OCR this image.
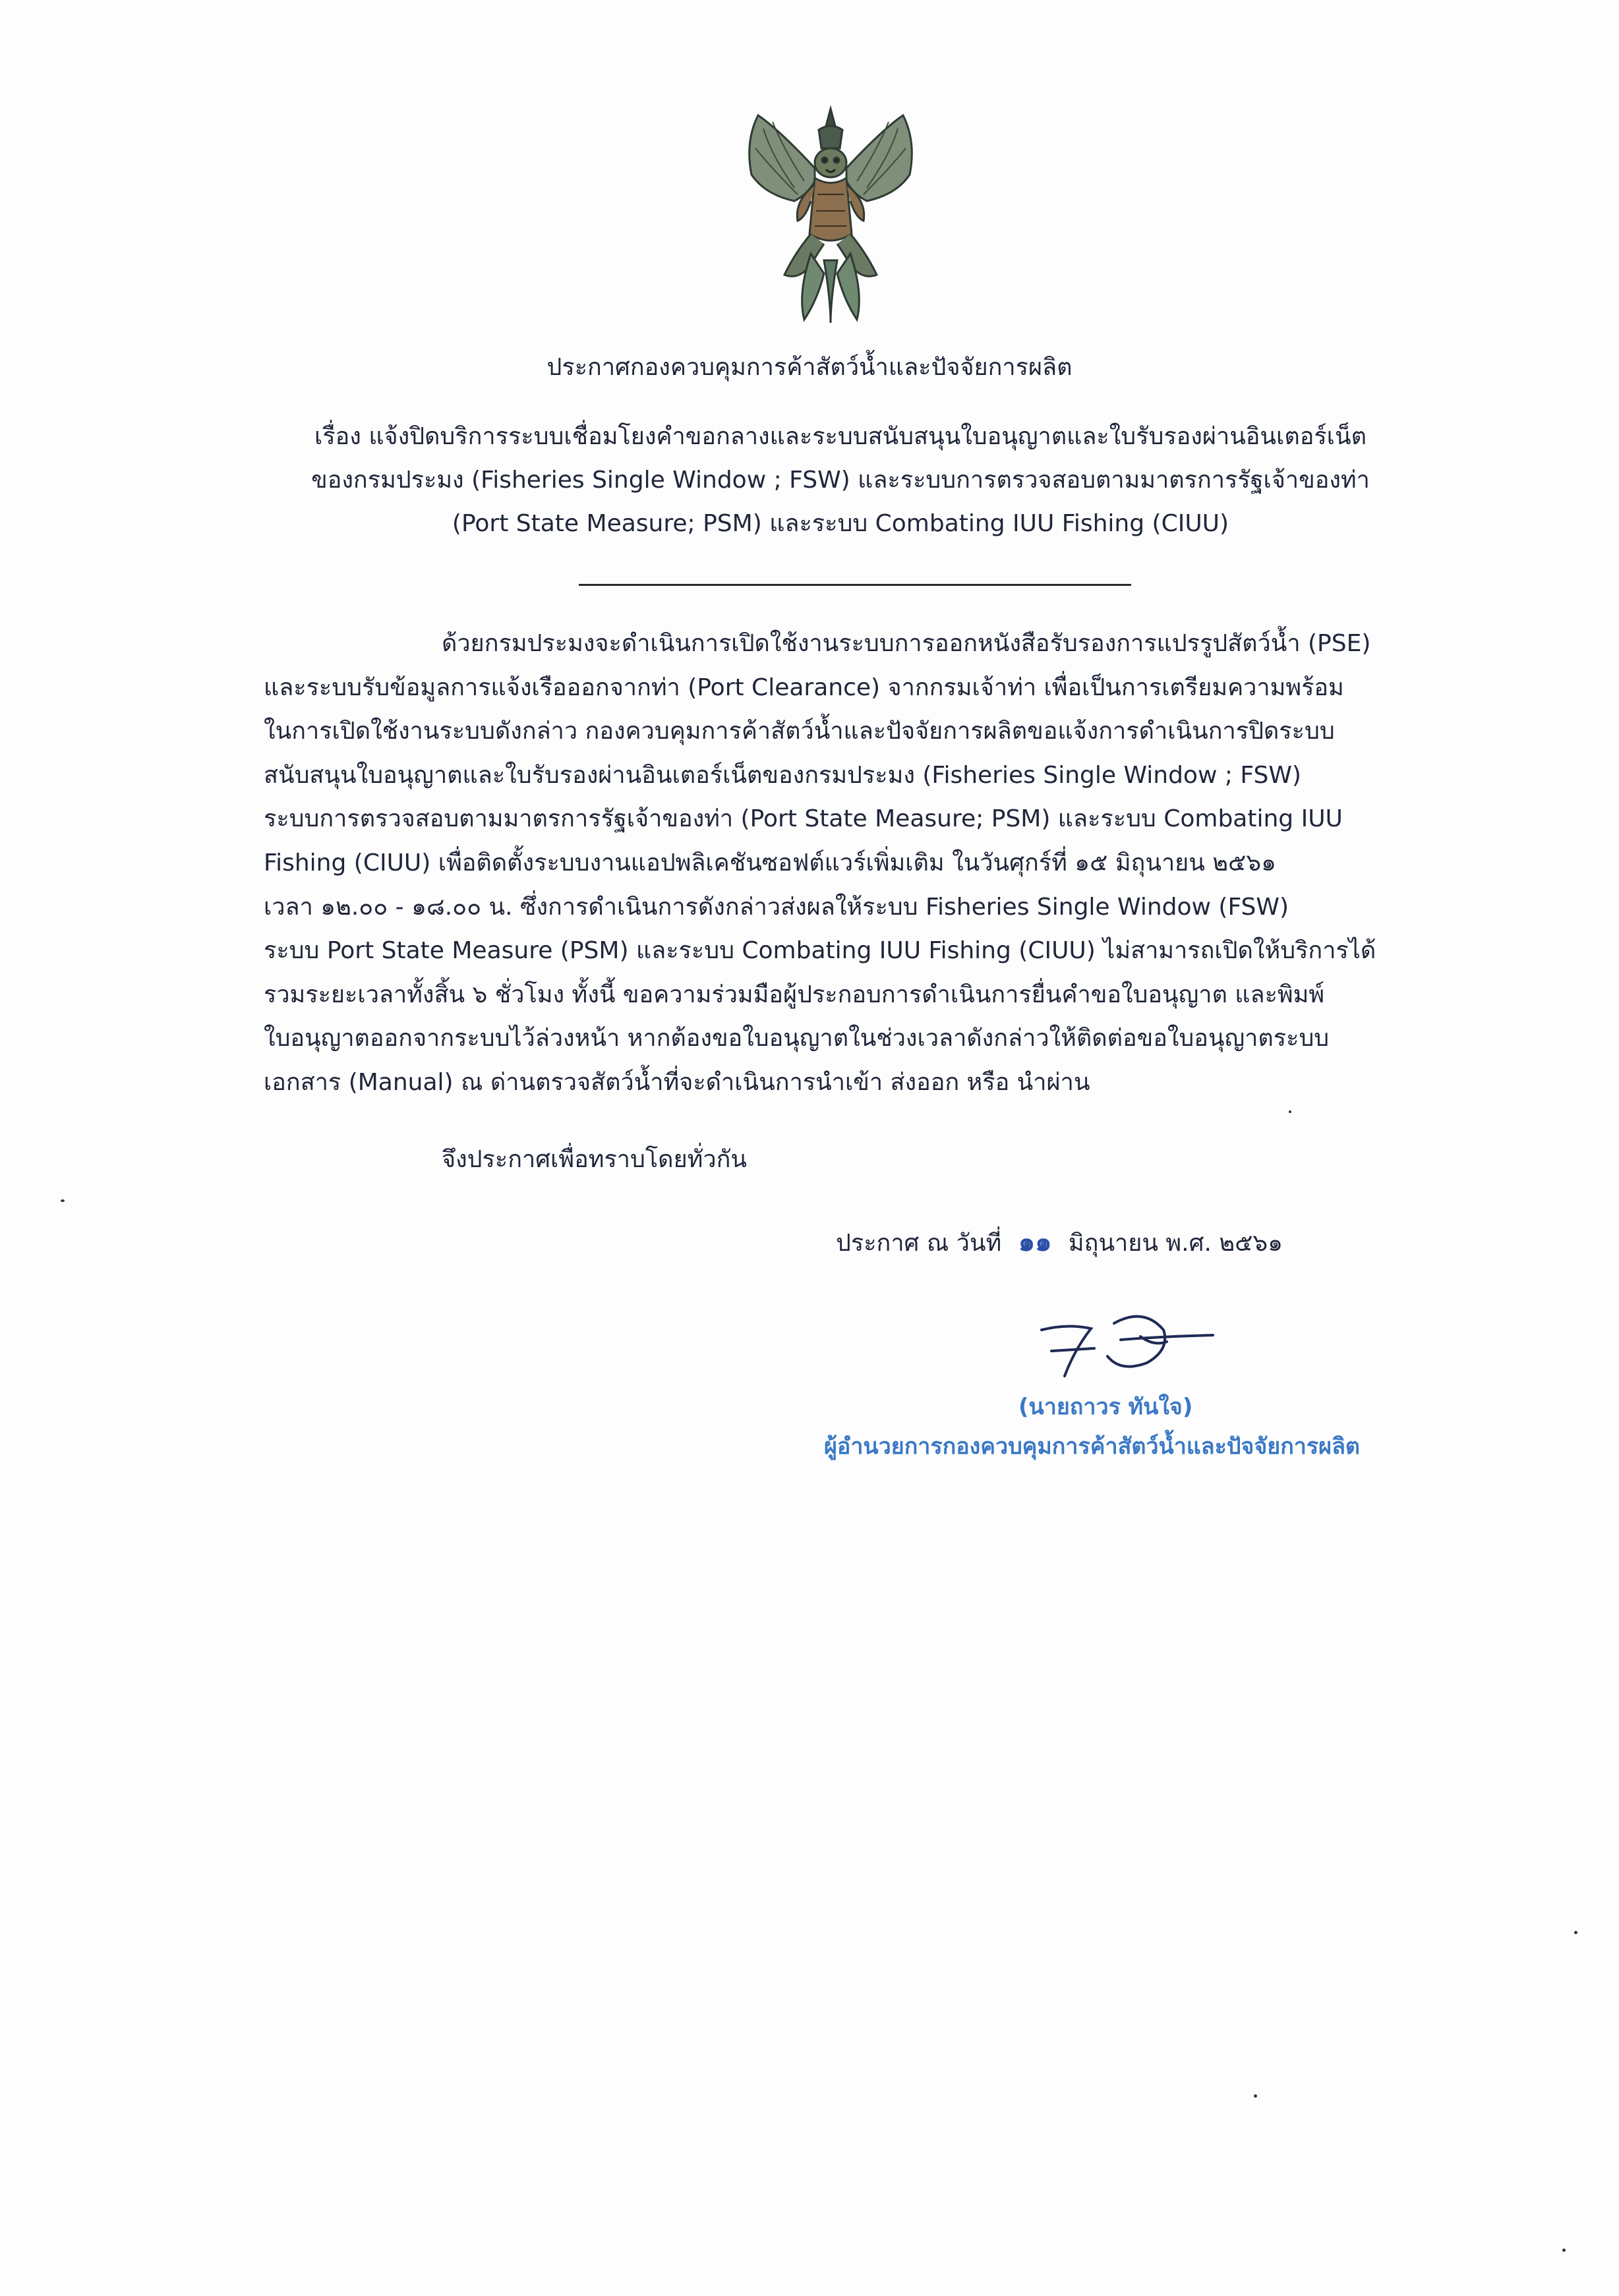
ประกาศกองควบคุมการค้าสัตว์น้ำและปัจจัยการผลิต
เรื่อง แจ้งปิดบริการระบบเชื่อมโยงคำขอกลางและระบบสนับสนุนใบอนุญาตและใบรับรองผ่านอินเตอร์เน็ต
ของกรมประมง (Fisheries Single Window ; FSW) และระบบการตรวจสอบตามมาตรการรัฐเจ้าของท่า
(Port State Measure; PSM) และระบบ Combating IUU Fishing (CIUU)
ด้วยกรมประมงจะดำเนินการเปิดใช้งานระบบการออกหนังสือรับรองการแปรรูปสัตว์น้ำ (PSE)
และระบบรับข้อมูลการแจ้งเรือออกจากท่า (Port Clearance) จากกรมเจ้าท่า เพื่อเป็นการเตรียมความพร้อม
ในการเปิดใช้งานระบบดังกล่าว กองควบคุมการค้าสัตว์น้ำและปัจจัยการผลิตขอแจ้งการดำเนินการปิดระบบ
สนับสนุนใบอนุญาตและใบรับรองผ่านอินเตอร์เน็ตของกรมประมง (Fisheries Single Window ; FSW)
ระบบการตรวจสอบตามมาตรการรัฐเจ้าของท่า (Port State Measure; PSM) และระบบ Combating IUU
Fishing (CIUU) เพื่อติดตั้งระบบงานแอปพลิเคชันซอฟต์แวร์เพิ่มเติม ในวันศุกร์ที่ ๑๕ มิถุนายน ๒๕๖๑
เวลา ๑๒.๐๐ - ๑๘.๐๐ น. ซึ่งการดำเนินการดังกล่าวส่งผลให้ระบบ Fisheries Single Window (FSW)
ระบบ Port State Measure (PSM) และระบบ Combating IUU Fishing (CIUU) ไม่สามารถเปิดให้บริการได้
รวมระยะเวลาทั้งสิ้น ๖ ชั่วโมง ทั้งนี้ ขอความร่วมมือผู้ประกอบการดำเนินการยื่นคำขอใบอนุญาต และพิมพ์
ใบอนุญาตออกจากระบบไว้ล่วงหน้า หากต้องขอใบอนุญาตในช่วงเวลาดังกล่าวให้ติดต่อขอใบอนุญาตระบบ
เอกสาร (Manual) ณ ด่านตรวจสัตว์น้ำที่จะดำเนินการนำเข้า ส่งออก หรือ นำผ่าน
จึงประกาศเพื่อทราบโดยทั่วกัน
ประกาศ ณ วันที่ ๑๑ มิถุนายน พ.ศ. ๒๕๖๑
(นายถาวร ทันใจ)
ผู้อำนวยการกองควบคุมการค้าสัตว์น้ำและปัจจัยการผลิต
